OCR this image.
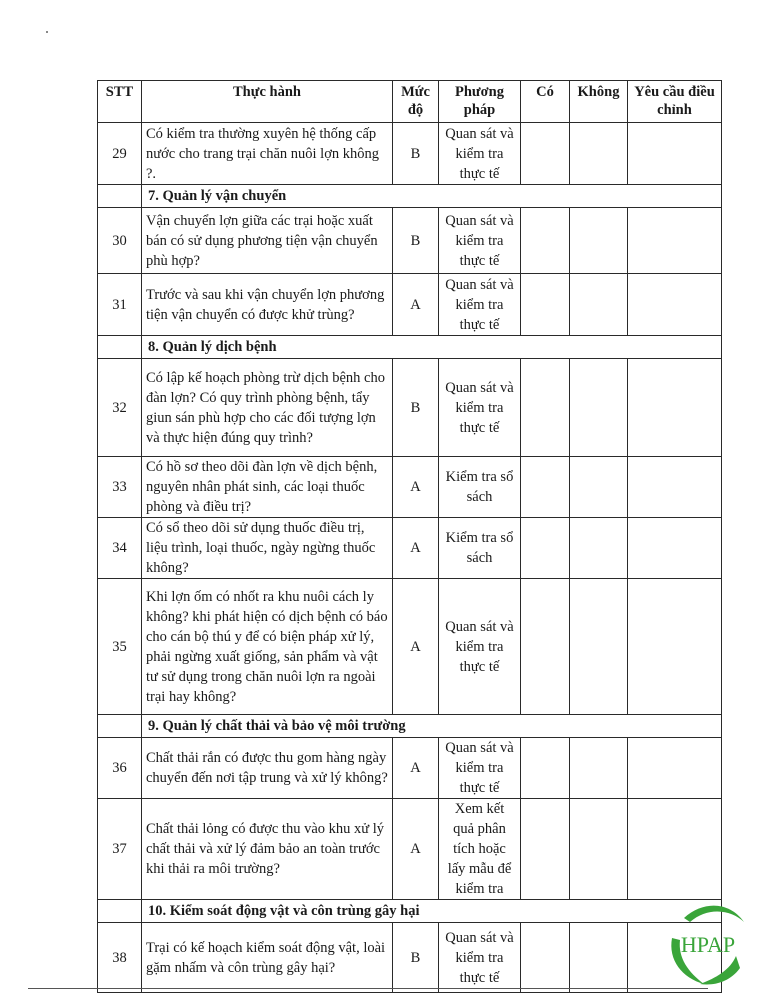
STT	Thực hành	Mức độ	Phương pháp	Có	Không	Yêu cầu điều chỉnh
29	Có kiểm tra thường xuyên hệ thống cấp nước cho trang trại chăn nuôi lợn không ?.	B	Quan sát và kiểm tra thực tế			
	7. Quản lý vận chuyển					
30	Vận chuyển lợn giữa các trại hoặc xuất bán có sử dụng phương tiện vận chuyển phù hợp?	B	Quan sát và kiểm tra thực tế			
31	Trước và sau khi vận chuyển lợn phương tiện vận chuyển có được khử trùng?	A	Quan sát và kiểm tra thực tế			
	8. Quản lý dịch bệnh					
32	Có lập kế hoạch phòng trừ dịch bệnh cho đàn lợn? Có quy trình phòng bệnh, tẩy giun sán phù hợp cho các đối tượng lợn và thực hiện đúng quy trình?	B	Quan sát và kiểm tra thực tế			
33	Có hồ sơ theo dõi đàn lợn về dịch bệnh, nguyên nhân phát sinh, các loại thuốc phòng và điều trị?	A	Kiểm tra sổ sách			
34	Có sổ theo dõi sử dụng thuốc điều trị, liệu trình, loại thuốc, ngày ngừng thuốc không?	A	Kiểm tra sổ sách			
35	Khi lợn ốm có nhốt ra khu nuôi cách ly không? khi phát hiện có dịch bệnh có báo cho cán bộ thú y để có biện pháp xử lý, phải ngừng xuất giống, sản phẩm và vật tư sử dụng trong chăn nuôi lợn ra ngoài trại hay không?	A	Quan sát và kiểm tra thực tế			
	9. Quản lý chất thải và bảo vệ môi trường					
36	Chất thải rắn có được thu gom hàng ngày chuyển đến nơi tập trung và xử lý không?	A	Quan sát và kiểm tra thực tế			
37	Chất thải lỏng có được thu vào khu xử lý chất thải và xử lý đảm bảo an toàn trước khi thải ra môi trường?	A	Xem kết quả phân tích hoặc lấy mẫu để kiểm tra			
	10. Kiểm soát động vật và côn trùng gây hại					
38	Trại có kế hoạch kiểm soát động vật, loài gặm nhấm và côn trùng gây hại?	B	Quan sát và kiểm tra thực tế			
HPAP
